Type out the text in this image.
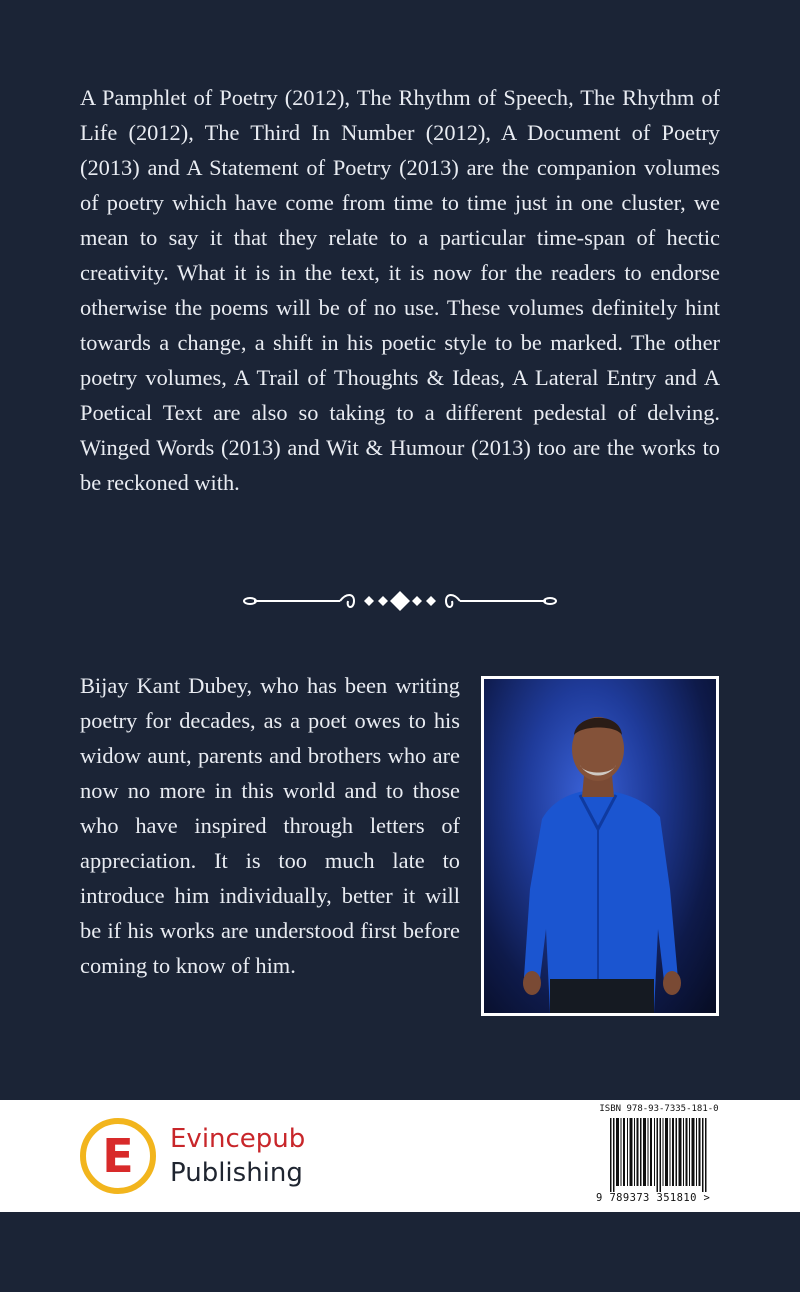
A Pamphlet of Poetry (2012), The Rhythm of Speech, The Rhythm of Life (2012), The Third In Number (2012), A Document of Poetry (2013) and A Statement of Poetry (2013) are the companion volumes of poetry which have come from time to time just in one cluster, we mean to say it that they relate to a particular time-span of hectic creativity. What it is in the text, it is now for the readers to endorse otherwise the poems will be of no use. These volumes definitely hint towards a change, a shift in his poetic style to be marked. The other poetry volumes, A Trail of Thoughts & Ideas, A Lateral Entry and A Poetical Text are also so taking to a different pedestal of delving. Winged Words (2013) and Wit & Humour (2013) too are the works to be reckoned with.

Bijay Kant Dubey, who has been writing poetry for decades, as a poet owes to his widow aunt, parents and brothers who are now no more in this world and to those who have inspired through letters of appreciation. It is too much late to introduce him individually, better it will be if his works are understood first before coming to know of him.

E	Evincepub
Publishing
ISBN 978-93-7335-181-0
9 789373 351810 >
